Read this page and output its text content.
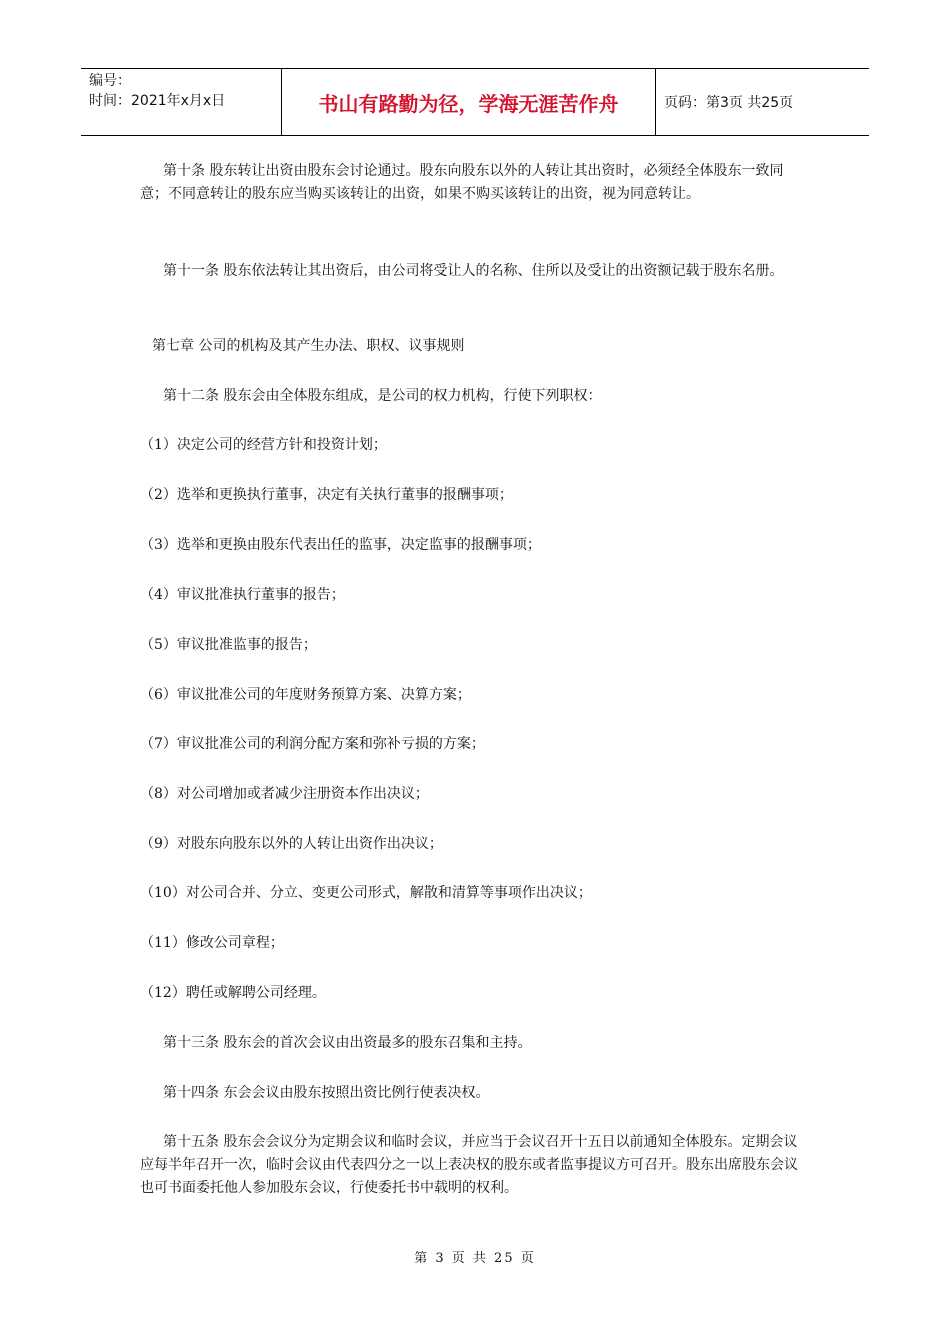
编号：
时间：2021年x月x日	书山有路勤为径，学海无涯苦作舟	页码：第3页 共25页

第十条 股东转让出资由股东会讨论通过。股东向股东以外的人转让其出资时，必须经全体股东一致同意；不同意转让的股东应当购买该转让的出资，如果不购买该转让的出资，视为同意转让。

第十一条 股东依法转让其出资后，由公司将受让人的名称、住所以及受让的出资额记载于股东名册。

第七章 公司的机构及其产生办法、职权、议事规则

第十二条 股东会由全体股东组成，是公司的权力机构，行使下列职权：

（1）决定公司的经营方针和投资计划；

（2）选举和更换执行董事，决定有关执行董事的报酬事项；

（3）选举和更换由股东代表出任的监事，决定监事的报酬事项；

（4）审议批准执行董事的报告；

（5）审议批准监事的报告；

（6）审议批准公司的年度财务预算方案、决算方案；

（7）审议批准公司的利润分配方案和弥补亏损的方案；

（8）对公司增加或者减少注册资本作出决议；

（9）对股东向股东以外的人转让出资作出决议；

（10）对公司合并、分立、变更公司形式，解散和清算等事项作出决议；

（11）修改公司章程；

（12）聘任或解聘公司经理。

第十三条 股东会的首次会议由出资最多的股东召集和主持。

第十四条 东会会议由股东按照出资比例行使表决权。

第十五条 股东会会议分为定期会议和临时会议，并应当于会议召开十五日以前通知全体股东。定期会议应每半年召开一次，临时会议由代表四分之一以上表决权的股东或者监事提议方可召开。股东出席股东会议也可书面委托他人参加股东会议，行使委托书中载明的权利。

第 3 页 共 25 页
